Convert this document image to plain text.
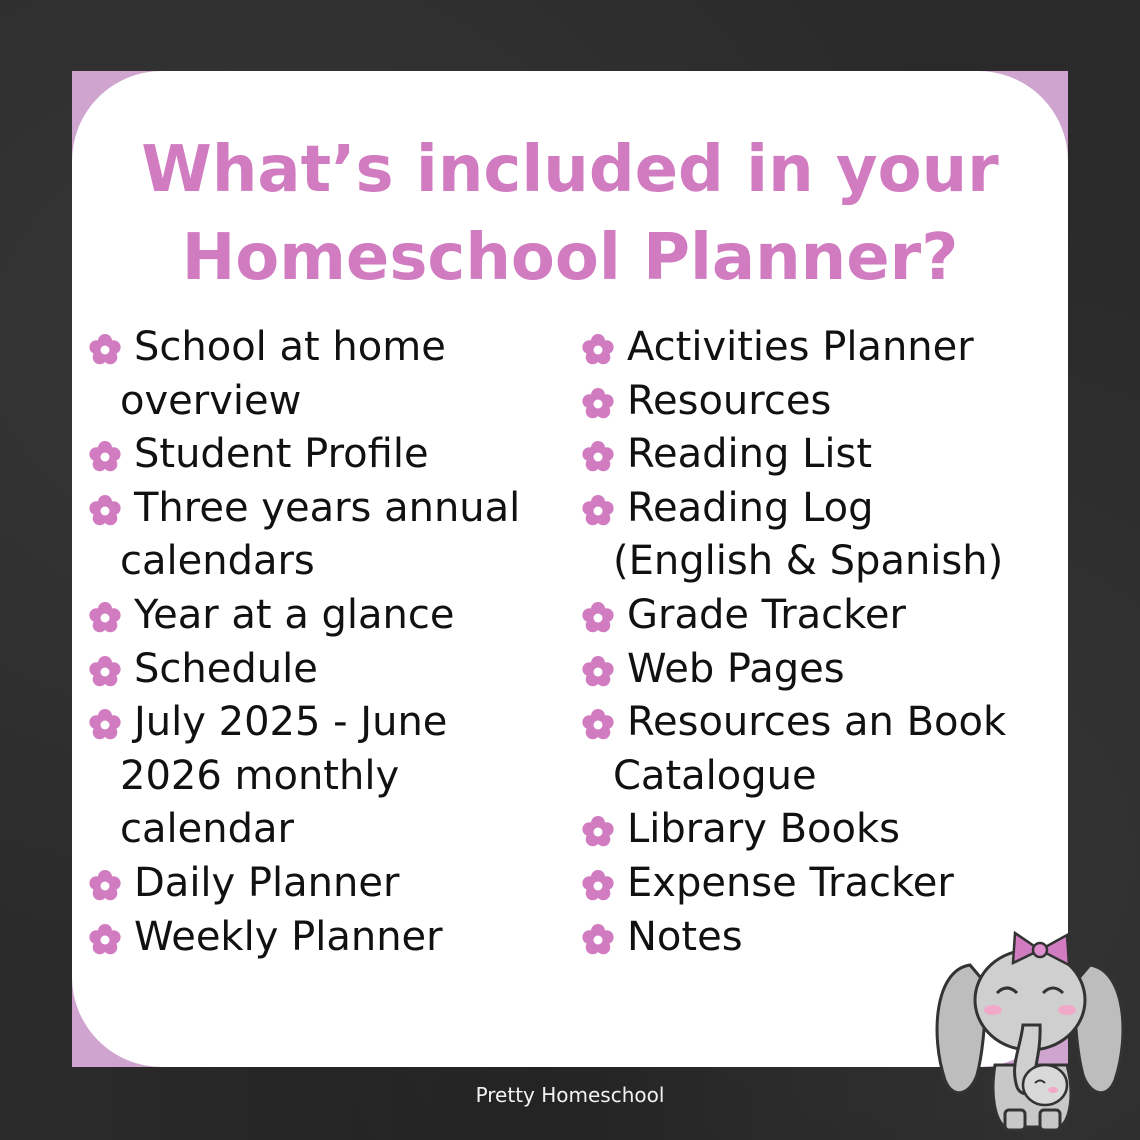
What’s included in your
Homeschool Planner?
School at home
overview
Student Profile
Three years annual
calendars
Year at a glance
Schedule
July 2025 - June
2026 monthly
calendar
Daily Planner
Weekly Planner
Activities Planner
Resources
Reading List
Reading Log
(English & Spanish)
Grade Tracker
Web Pages
Resources an Book
Catalogue
Library Books
Expense Tracker
Notes
Pretty Homeschool
